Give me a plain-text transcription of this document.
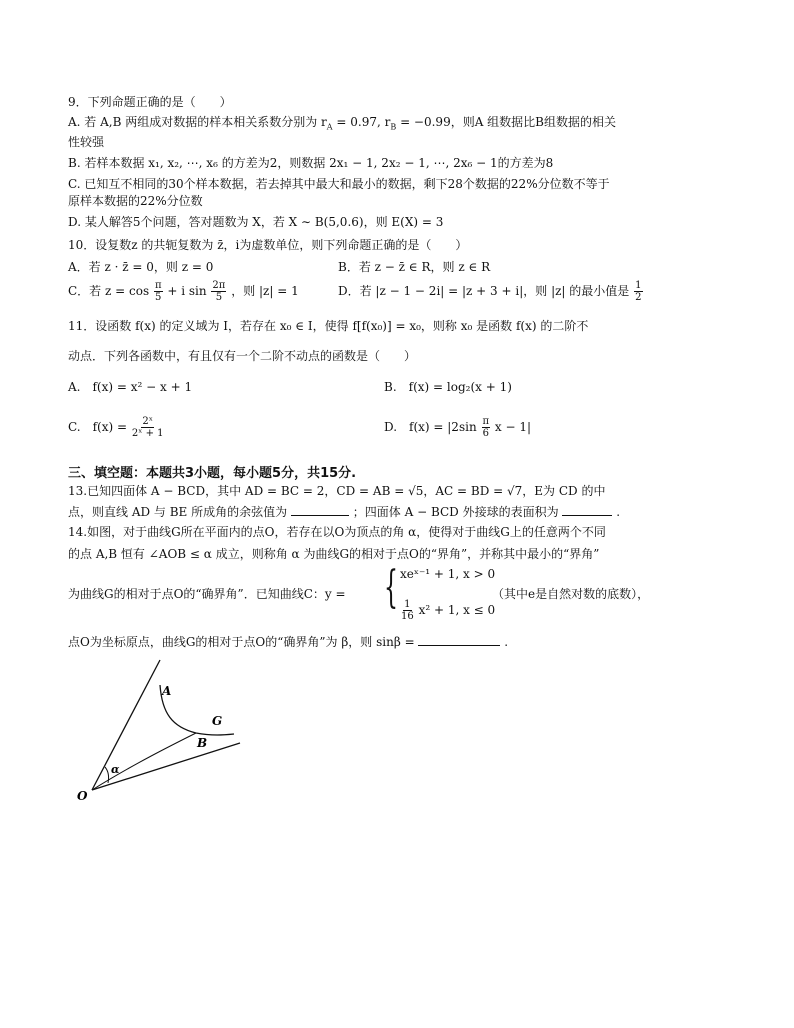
9．下列命题正确的是（　　）
A. 若 A,B 两组成对数据的样本相关系数分别为 $r_A = 0.97$, $r_B = -0.99$，则A 组数据比B组数据的相关
性较强
B. 若样本数据 x₁, x₂, ⋯, x₆ 的方差为2，则数据 2x₁ − 1, 2x₂ − 1, ⋯, 2x₆ − 1的方差为8
C. 已知互不相同的30个样本数据，若去掉其中最大和最小的数据，剩下28个数据的22%分位数不等于
原样本数据的22%分位数
D. 某人解答5个问题，答对题数为 X，若 X ∼ B(5,0.6)，则 E(X) = 3
10．设复数z 的共轭复数为 z̄，i为虚数单位，则下列命题正确的是（　　）
A．若 z · z̄ = 0，则 z = 0	B．若 z − z̄ ∈ R，则 z ∈ R
C．若 $z = \cos \frac{\pi}{5} + i$ $\sin \frac{2\pi}{5}$ ，则 |z| = 1	D．若 |z − 1 − 2i| = |z + 3 + i|，则 |z| 的最小值是 $\frac{1}{2}$
11．设函数 f(x) 的定义域为 I，若存在 x₀ ∈ I，使得 f[f(x₀)] = x₀，则称 x₀ 是函数 f(x) 的二阶不
动点．下列各函数中，有且仅有一个二阶不动点的函数是（　　）
A.　f(x) = x² − x + 1	B.　f(x) = log₂(x + 1)
C.　$f(x) = \frac{\text{2ˣ}}{\text{2ˣ + 1}}$	D.　$f(x) = |2\sin \frac{\pi}{6}$ x − 1|
三、填空题：本题共3小题，每小题5分，共15分.
13.已知四面体 A − BCD，其中 AD = BC = 2，CD = AB = √5，AC = BD = √7，E为 CD 的中
点，则直线 AD 与 BE 所成角的余弦值为	；四面体 A − BCD 外接球的表面积为	.
14.如图，对于曲线G所在平面内的点O，若存在以O为顶点的角 α，使得对于曲线G上的任意两个不同
的点 A,B 恒有 ∠AOB ≤ α 成立，则称角 α 为曲线G的相对于点O的“界角”，并称其中最小的“界角”
为曲线G的相对于点O的“确界角”．已知曲线C：y = { xeˣ⁻¹ + 1, x > 0
$\frac{1}{16} x^2 + 1$, x ≤ 0
（其中e是自然对数的底数），
点O为坐标原点，曲线G的相对于点O的“确界角”为 β，则 sinβ =	.
A
G
B
α
O
